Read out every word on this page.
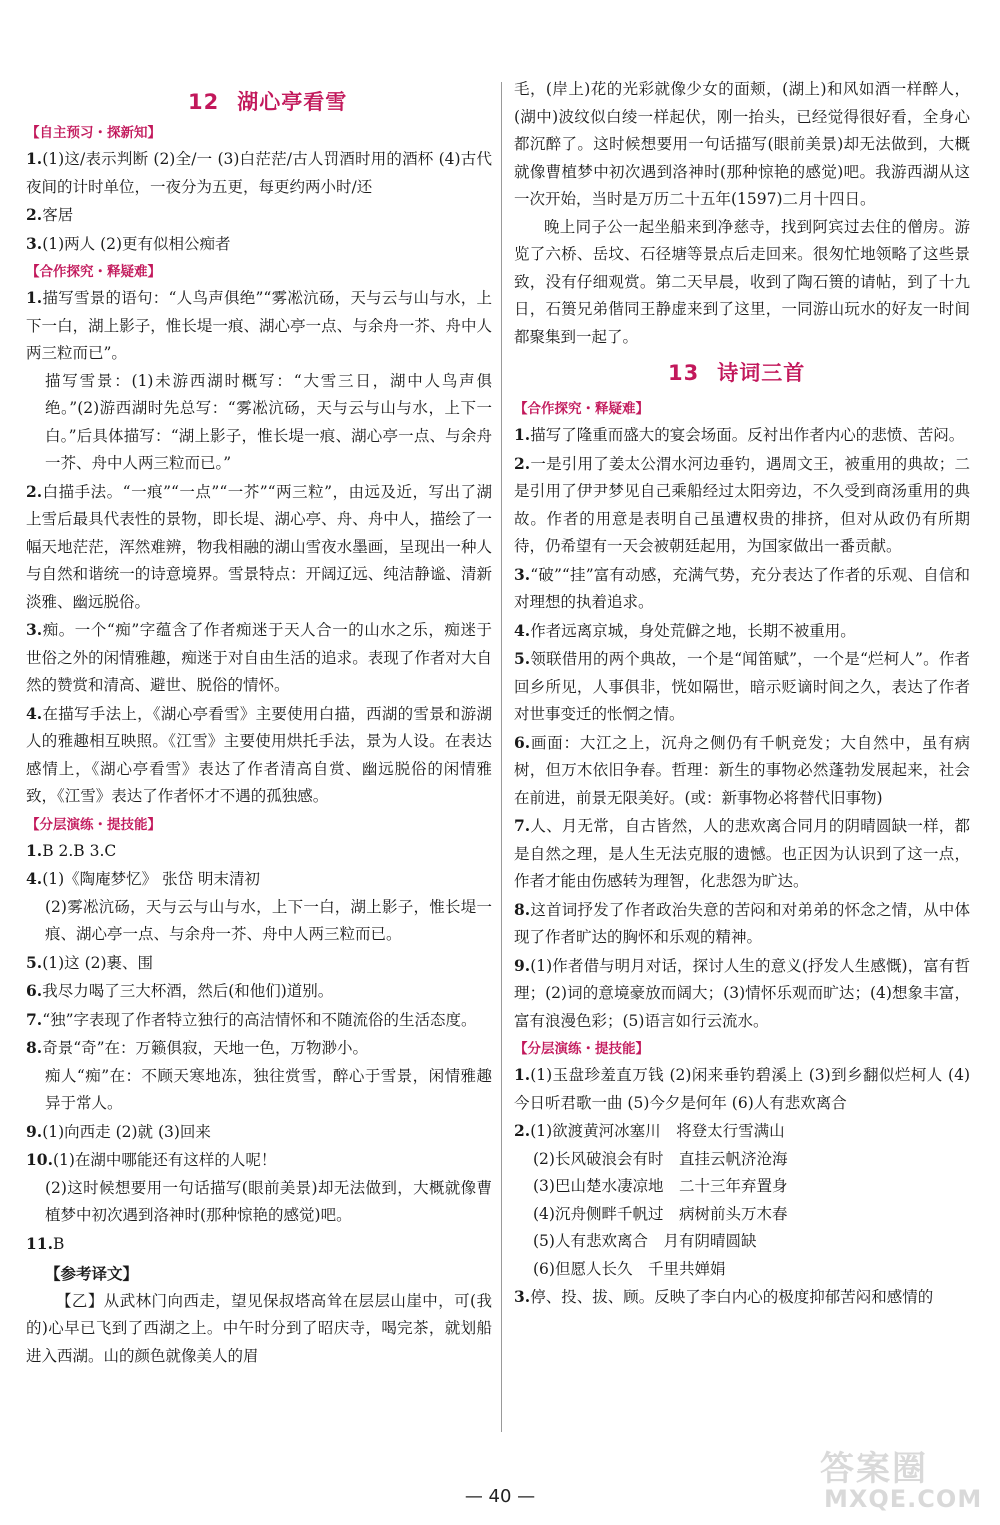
12 湖心亭看雪
【自主预习・探新知】

1.(1)这/表示判断 (2)全/一 (3)白茫茫/古人罚酒时用的酒杯 (4)古代夜间的计时单位，一夜分为五更，每更约两小时/还

2.客居

3.(1)两人 (2)更有似相公痴者

【合作探究・释疑难】

1.描写雪景的语句：“人鸟声俱绝”“雾凇沆砀，天与云与山与水，上下一白，湖上影子，惟长堤一痕、湖心亭一点、与余舟一芥、舟中人两三粒而已”。

描写雪景：(1)未游西湖时概写：“大雪三日，湖中人鸟声俱绝。”(2)游西湖时先总写：“雾凇沆砀，天与云与山与水，上下一白。”后具体描写：“湖上影子，惟长堤一痕、湖心亭一点、与余舟一芥、舟中人两三粒而已。”

2.白描手法。“一痕”“一点”“一芥”“两三粒”，由远及近，写出了湖上雪后最具代表性的景物，即长堤、湖心亭、舟、舟中人，描绘了一幅天地茫茫，浑然难辨，物我相融的湖山雪夜水墨画，呈现出一种人与自然和谐统一的诗意境界。雪景特点：开阔辽远、纯洁静谧、清新淡雅、幽远脱俗。

3.痴。一个“痴”字蕴含了作者痴迷于天人合一的山水之乐，痴迷于世俗之外的闲情雅趣，痴迷于对自由生活的追求。表现了作者对大自然的赞赏和清高、避世、脱俗的情怀。

4.在描写手法上，《湖心亭看雪》主要使用白描，西湖的雪景和游湖人的雅趣相互映照。《江雪》主要使用烘托手法，景为人设。在表达感情上，《湖心亭看雪》表达了作者清高自赏、幽远脱俗的闲情雅致，《江雪》表达了作者怀才不遇的孤独感。

【分层演练・提技能】

1.B 2.B 3.C

4.(1)《陶庵梦忆》 张岱 明末清初

(2)雾凇沆砀，天与云与山与水，上下一白，湖上影子，惟长堤一痕、湖心亭一点、与余舟一芥、舟中人两三粒而已。

5.(1)这 (2)裹、围

6.我尽力喝了三大杯酒，然后(和他们)道别。

7.“独”字表现了作者特立独行的高洁情怀和不随流俗的生活态度。

8.奇景“奇”在：万籁俱寂，天地一色，万物渺小。

痴人“痴”在：不顾天寒地冻，独往赏雪，醉心于雪景，闲情雅趣异于常人。

9.(1)向西走 (2)就 (3)回来

10.(1)在湖中哪能还有这样的人呢！

(2)这时候想要用一句话描写(眼前美景)却无法做到，大概就像曹植梦中初次遇到洛神时(那种惊艳的感觉)吧。

11.B

【参考译文】

【乙】从武林门向西走，望见保叔塔高耸在层层山崖中，可(我的)心早已飞到了西湖之上。中午时分到了昭庆寺，喝完茶，就划船进入西湖。山的颜色就像美人的眉

毛，(岸上)花的光彩就像少女的面颊，(湖上)和风如酒一样醉人，(湖中)波纹似白绫一样起伏，刚一抬头，已经觉得很好看，全身心都沉醉了。这时候想要用一句话描写(眼前美景)却无法做到，大概就像曹植梦中初次遇到洛神时(那种惊艳的感觉)吧。我游西湖从这一次开始，当时是万历二十五年(1597)二月十四日。

晚上同子公一起坐船来到净慈寺，找到阿宾过去住的僧房。游览了六桥、岳坟、石径塘等景点后走回来。很匆忙地领略了这些景致，没有仔细观赏。第二天早晨，收到了陶石篑的请帖，到了十九日，石篑兄弟偕同王静虚来到了这里，一同游山玩水的好友一时间都聚集到一起了。

13 诗词三首
【合作探究・释疑难】

1.描写了隆重而盛大的宴会场面。反衬出作者内心的悲愤、苦闷。

2.一是引用了姜太公渭水河边垂钓，遇周文王，被重用的典故；二是引用了伊尹梦见自己乘船经过太阳旁边，不久受到商汤重用的典故。作者的用意是表明自己虽遭权贵的排挤，但对从政仍有所期待，仍希望有一天会被朝廷起用，为国家做出一番贡献。

3.“破”“挂”富有动感，充满气势，充分表达了作者的乐观、自信和对理想的执着追求。

4.作者远离京城，身处荒僻之地，长期不被重用。

5.领联借用的两个典故，一个是“闻笛赋”，一个是“烂柯人”。作者回乡所见，人事俱非，恍如隔世，暗示贬谪时间之久，表达了作者对世事变迁的怅惘之情。

6.画面：大江之上，沉舟之侧仍有千帆竞发；大自然中，虽有病树，但万木依旧争春。哲理：新生的事物必然蓬勃发展起来，社会在前进，前景无限美好。(或：新事物必将替代旧事物)

7.人、月无常，自古皆然，人的悲欢离合同月的阴晴圆缺一样，都是自然之理，是人生无法克服的遗憾。也正因为认识到了这一点，作者才能由伤感转为理智，化悲怨为旷达。

8.这首词抒发了作者政治失意的苦闷和对弟弟的怀念之情，从中体现了作者旷达的胸怀和乐观的精神。

9.(1)作者借与明月对话，探讨人生的意义(抒发人生感慨)，富有哲理；(2)词的意境豪放而阔大；(3)情怀乐观而旷达；(4)想象丰富，富有浪漫色彩；(5)语言如行云流水。

【分层演练・提技能】

1.(1)玉盘珍羞直万钱 (2)闲来垂钓碧溪上 (3)到乡翻似烂柯人 (4)今日听君歌一曲 (5)今夕是何年 (6)人有悲欢离合

2.(1)欲渡黄河冰塞川　将登太行雪满山

(2)长风破浪会有时　直挂云帆济沧海

(3)巴山楚水凄凉地　二十三年弃置身

(4)沉舟侧畔千帆过　病树前头万木春

(5)人有悲欢离合　月有阴晴圆缺

(6)但愿人长久　千里共婵娟

3.停、投、拔、顾。反映了李白内心的极度抑郁苦闷和感情的

— 40 —
答案圈
MXQE.COM
